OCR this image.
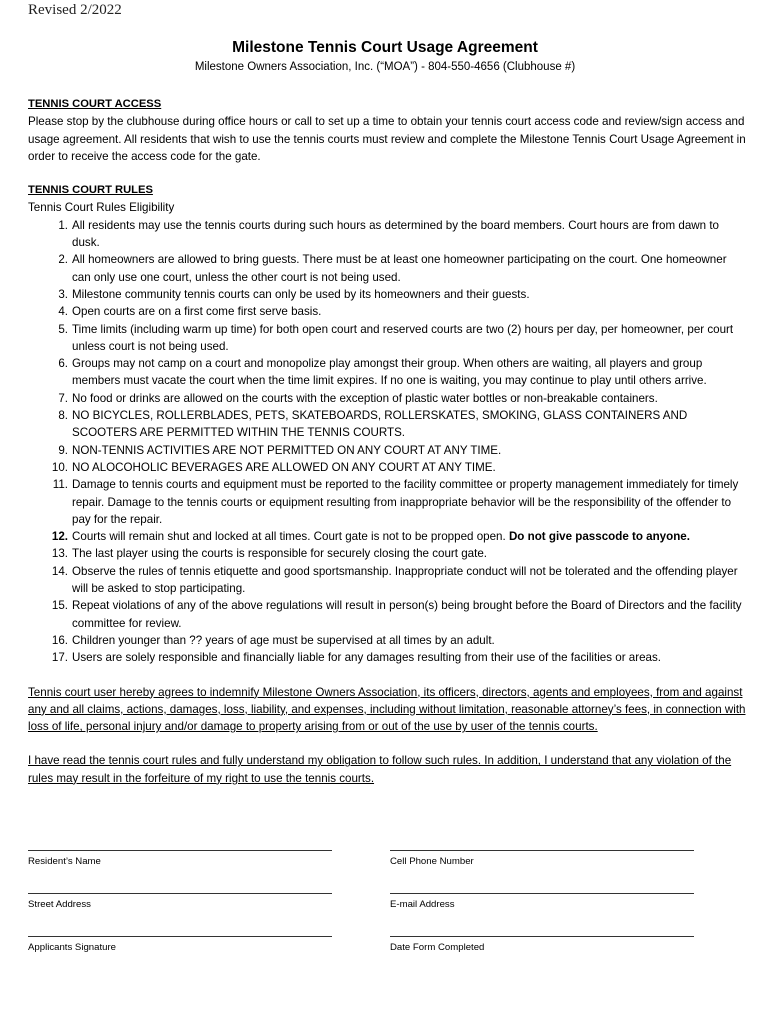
Revised 2/2022
Milestone Tennis Court Usage Agreement
Milestone Owners Association, Inc. (“MOA”) - 804-550-4656 (Clubhouse #)

TENNIS COURT ACCESS

Please stop by the clubhouse during office hours or call to set up a time to obtain your tennis court access code and review/sign access and usage agreement. All residents that wish to use the tennis courts must review and complete the Milestone Tennis Court Usage Agreement in order to receive the access code for the gate.

TENNIS COURT RULES

Tennis Court Rules Eligibility

1. All residents may use the tennis courts during such hours as determined by the board members. Court hours are from dawn to dusk.
2. All homeowners are allowed to bring guests. There must be at least one homeowner participating on the court. One homeowner can only use one court, unless the other court is not being used.
3. Milestone community tennis courts can only be used by its homeowners and their guests.
4. Open courts are on a first come first serve basis.
5. Time limits (including warm up time) for both open court and reserved courts are two (2) hours per day, per homeowner, per court unless court is not being used.
6. Groups may not camp on a court and monopolize play amongst their group. When others are waiting, all players and group members must vacate the court when the time limit expires. If no one is waiting, you may continue to play until others arrive.
7. No food or drinks are allowed on the courts with the exception of plastic water bottles or non-breakable containers.
8. NO BICYCLES, ROLLERBLADES, PETS, SKATEBOARDS, ROLLERSKATES, SMOKING, GLASS CONTAINERS AND SCOOTERS ARE PERMITTED WITHIN THE TENNIS COURTS.
9. NON-TENNIS ACTIVITIES ARE NOT PERMITTED ON ANY COURT AT ANY TIME.
10. NO ALOCOHOLIC BEVERAGES ARE ALLOWED ON ANY COURT AT ANY TIME.
11. Damage to tennis courts and equipment must be reported to the facility committee or property management immediately for timely repair. Damage to the tennis courts or equipment resulting from inappropriate behavior will be the responsibility of the offender to pay for the repair.
12. Courts will remain shut and locked at all times. Court gate is not to be propped open. Do not give passcode to anyone.
13. The last player using the courts is responsible for securely closing the court gate.
14. Observe the rules of tennis etiquette and good sportsmanship. Inappropriate conduct will not be tolerated and the offending player will be asked to stop participating.
15. Repeat violations of any of the above regulations will result in person(s) being brought before the Board of Directors and the facility committee for review.
16. Children younger than ?? years of age must be supervised at all times by an adult.
17. Users are solely responsible and financially liable for any damages resulting from their use of the facilities or areas.

Tennis court user hereby agrees to indemnify Milestone Owners Association, its officers, directors, agents and employees, from and against any and all claims, actions, damages, loss, liability, and expenses, including without limitation, reasonable attorney’s fees, in connection with loss of life, personal injury and/or damage to property arising from or out of the use by user of the tennis courts.

I have read the tennis court rules and fully understand my obligation to follow such rules. In addition, I understand that any violation of the rules may result in the forfeiture of my right to use the tennis courts.

Resident’s Name	Cell Phone Number
Street Address	E-mail Address
Applicants Signature	Date Form Completed
